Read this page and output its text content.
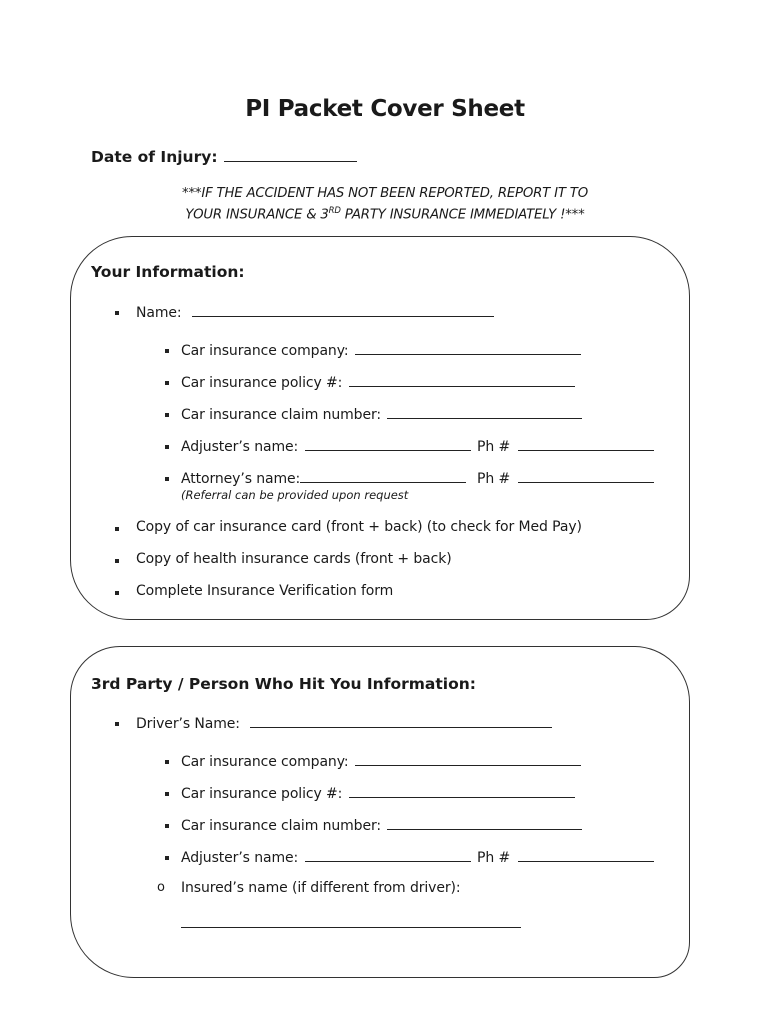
PI Packet Cover Sheet
Date of Injury:
***IF THE ACCIDENT HAS NOT BEEN REPORTED, REPORT IT TO
YOUR INSURANCE & 3RD PARTY INSURANCE IMMEDIATELY !***
Your Information:
Name:
Car insurance company:
Car insurance policy #:
Car insurance claim number:
Adjuster’s name:	Ph #
Attorney’s name:	Ph #
(Referral can be provided upon request
Copy of car insurance card (front + back) (to check for Med Pay)
Copy of health insurance cards (front + back)
Complete Insurance Verification form
3rd Party / Person Who Hit You Information:
Driver’s Name:
Car insurance company:
Car insurance policy #:
Car insurance claim number:
Adjuster’s name:	Ph #
o Insured’s name (if different from driver):
